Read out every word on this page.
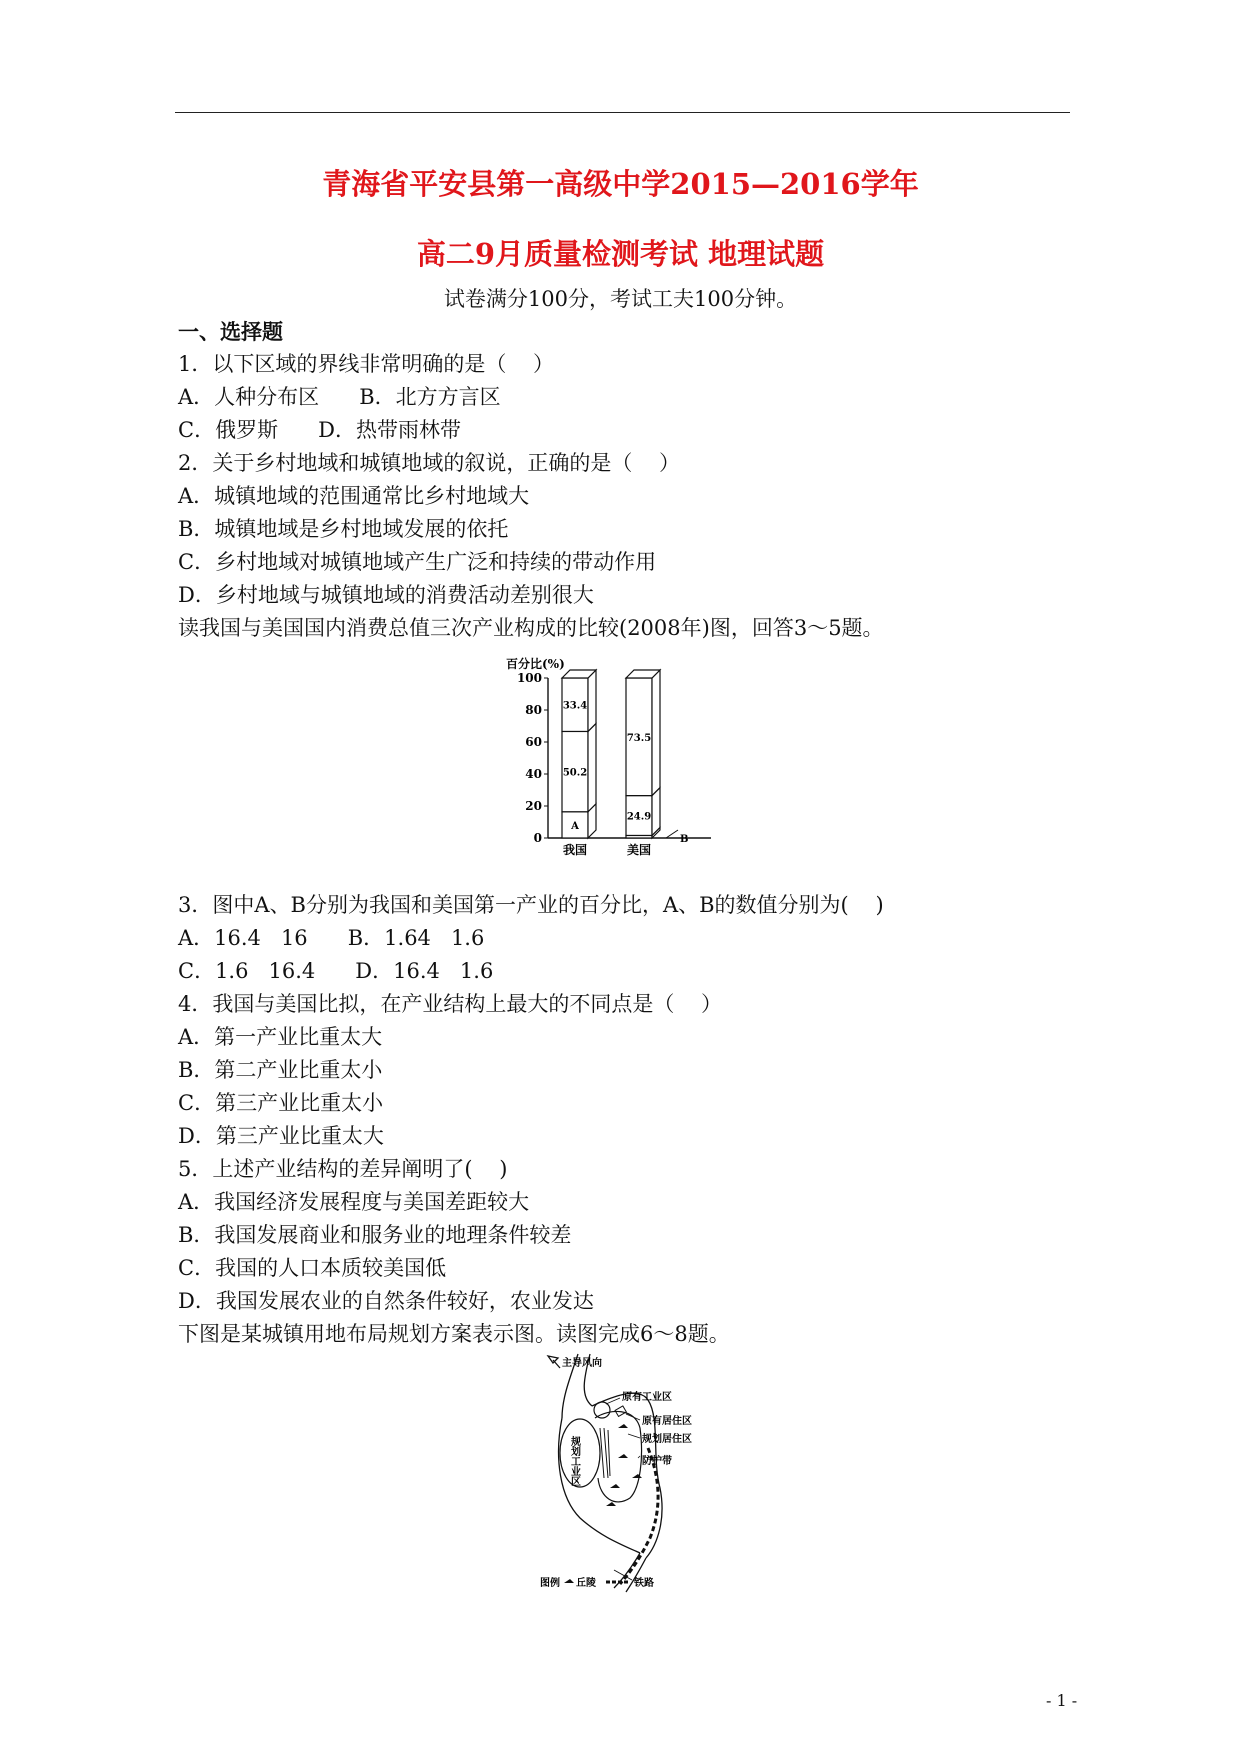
青海省平安县第一高级中学2015—2016学年
高二9月质量检测考试 地理试题
试卷满分100分，考试工夫100分钟。
一、选择题
1．以下区域的界线非常明确的是（    ）
A．人种分布区      B．北方方言区
C．俄罗斯      D．热带雨林带
2．关于乡村地域和城镇地域的叙说，正确的是（    ）
A．城镇地域的范围通常比乡村地域大
B．城镇地域是乡村地域发展的依托
C．乡村地域对城镇地域产生广泛和持续的带动作用
D．乡村地域与城镇地域的消费活动差别很大
读我国与美国国内消费总值三次产业构成的比较(2008年)图，回答3～5题。
3．图中A、B分别为我国和美国第一产业的百分比，A、B的数值分别为(    )
A．16.4   16      B．1.64   1.6
C．1.6   16.4      D．16.4   1.6
4．我国与美国比拟，在产业结构上最大的不同点是（    ）
A．第一产业比重太大
B．第二产业比重太小
C．第三产业比重太小
D．第三产业比重太大
5．上述产业结构的差异阐明了(    )
A．我国经济发展程度与美国差距较大
B．我国发展商业和服务业的地理条件较差
C．我国的人口本质较美国低
D．我国发展农业的自然条件较好，农业发达
下图是某城镇用地布局规划方案表示图。读图完成6～8题。
百分比(%)
0
20
40
60
80
100
A
50.2
33.4
我国
B
24.9
73.5
美国
规划工业区
主导风向
原有工业区
原有居住区
规划居住区
防护带
图例 丘陵	铁路
- 1 -
